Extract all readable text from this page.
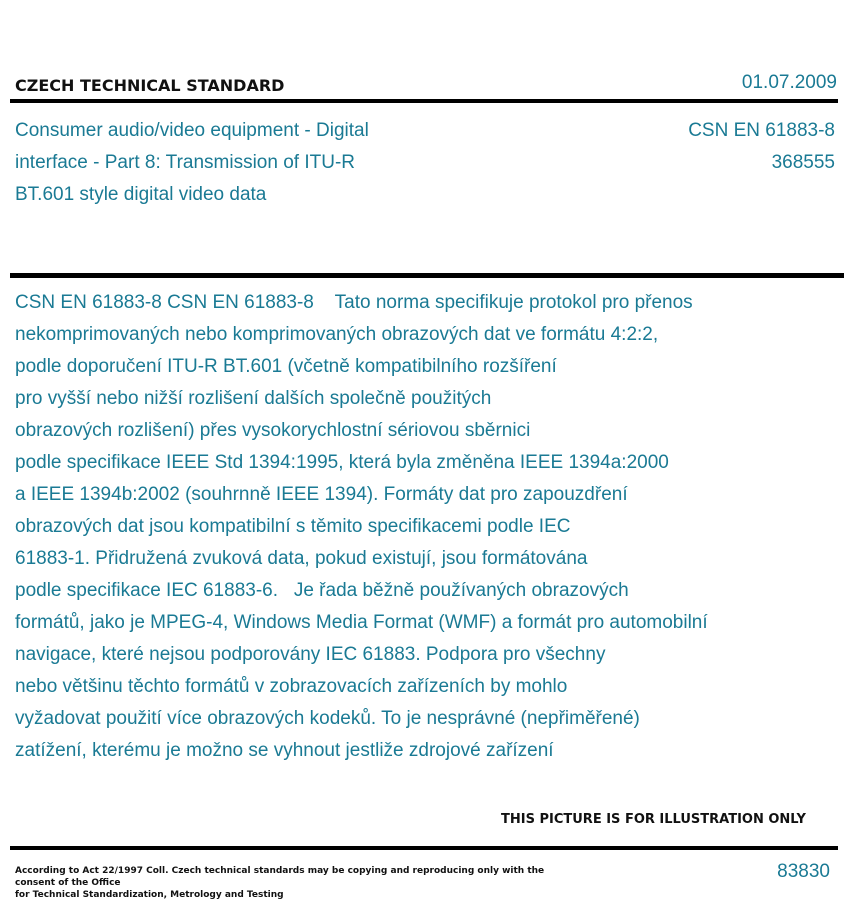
CZECH TECHNICAL STANDARD	01.07.2009
Consumer audio/video equipment - Digital
interface - Part 8: Transmission of ITU-R
BT.601 style digital video data
CSN EN 61883-8
368555
CSN EN 61883-8 CSN EN 61883-8    Tato norma specifikuje protokol pro přenos
nekomprimovaných nebo komprimovaných obrazových dat ve formátu 4:2:2,
podle doporučení ITU-R BT.601 (včetně kompatibilního rozšíření
pro vyšší nebo nižší rozlišení dalších společně použitých
obrazových rozlišení) přes vysokorychlostní sériovou sběrnici
podle specifikace IEEE Std 1394:1995, která byla změněna IEEE 1394a:2000
a IEEE 1394b:2002 (souhrnně IEEE 1394). Formáty dat pro zapouzdření
obrazových dat jsou kompatibilní s těmito specifikacemi podle IEC
61883-1. Přidružená zvuková data, pokud existují, jsou formátována
podle specifikace IEC 61883-6.   Je řada běžně používaných obrazových
formátů, jako je MPEG-4, Windows Media Format (WMF) a formát pro automobilní
navigace, které nejsou podporovány IEC 61883. Podpora pro všechny
nebo většinu těchto formátů v zobrazovacích zařízeních by mohlo
vyžadovat použití více obrazových kodeků. To je nesprávné (nepřiměřené)
zatížení, kterému je možno se vyhnout jestliže zdrojové zařízení
THIS PICTURE IS FOR ILLUSTRATION ONLY
According to Act 22/1997 Coll. Czech technical standards may be copying and reproducing only with the consent of the Office
for Technical Standardization, Metrology and Testing
83830
